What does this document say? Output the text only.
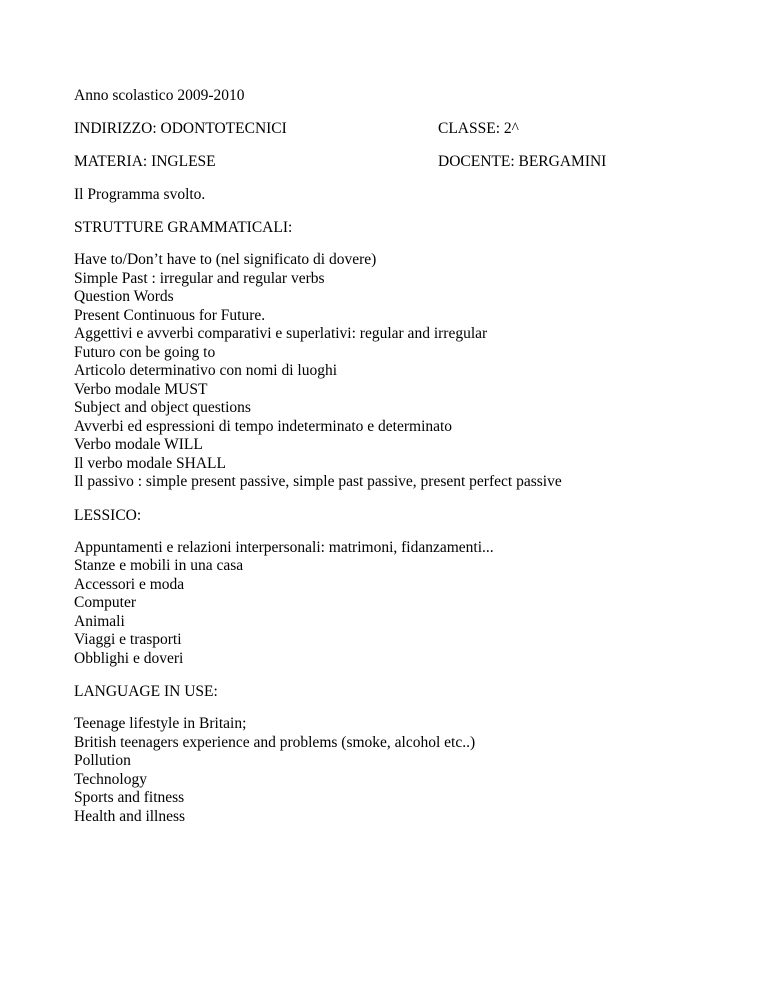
Anno scolastico 2009-2010
INDIRIZZO: ODONTOTECNICI	CLASSE: 2^
MATERIA: INGLESE	DOCENTE: BERGAMINI
Il Programma svolto.
STRUTTURE GRAMMATICALI:
Have to/Don’t have to (nel significato di dovere)
Simple Past : irregular and regular verbs
Question Words
Present Continuous for Future.
Aggettivi e avverbi comparativi e superlativi: regular and irregular
Futuro con be going to
Articolo determinativo con nomi di luoghi
Verbo modale MUST
Subject and object questions
Avverbi ed espressioni di tempo indeterminato e determinato
Verbo modale WILL
Il verbo modale SHALL
Il passivo : simple present passive, simple past passive, present perfect passive
LESSICO:
Appuntamenti e relazioni interpersonali: matrimoni, fidanzamenti...
Stanze e mobili in una casa
Accessori e moda
Computer
Animali
Viaggi e trasporti
Obblighi e doveri
LANGUAGE IN USE:
Teenage lifestyle in Britain;
British teenagers experience and problems (smoke, alcohol etc..)
Pollution
Technology
Sports and fitness
Health and illness
